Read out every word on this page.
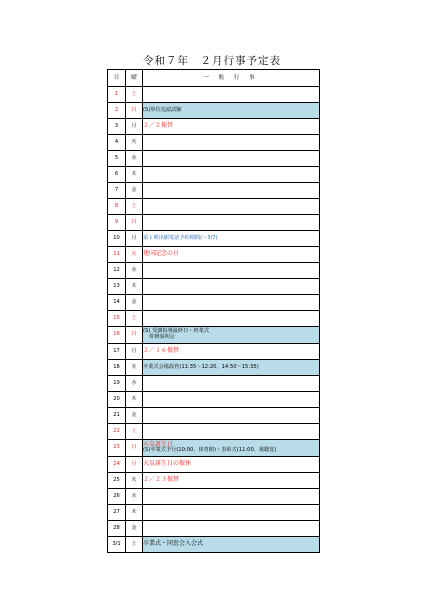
令和７年　２月行事予定表
日	曜	一 般 行 事
1	土	
2	日	(S)単位追認試験

3	月	２／２振替

4	火	
5	水	
6	木	
7	金	
8	土	
9	日	
10	月	第１期出願電話予約期間(～3/7)

11	火	建国記念の日

12	水	
13	木	
14	金	
15	土	
16	日	(S) 受講指導最終日・終業式
併修説明会

17	月	２／１６振替

18	火	卒業式会場設営(11:35～12:20、14:50～15:35)

19	水	
20	木	
21	金	
22	土	
23	日	天皇誕生日
(S)卒業式予行(10:00、体育館)・表彰式(11:00、視聴覚)

24	月	天皇誕生日の振休

25	火	２／２３振替

26	水	
27	木	
28	金	
3/1	土	卒業式・同窓会入会式
